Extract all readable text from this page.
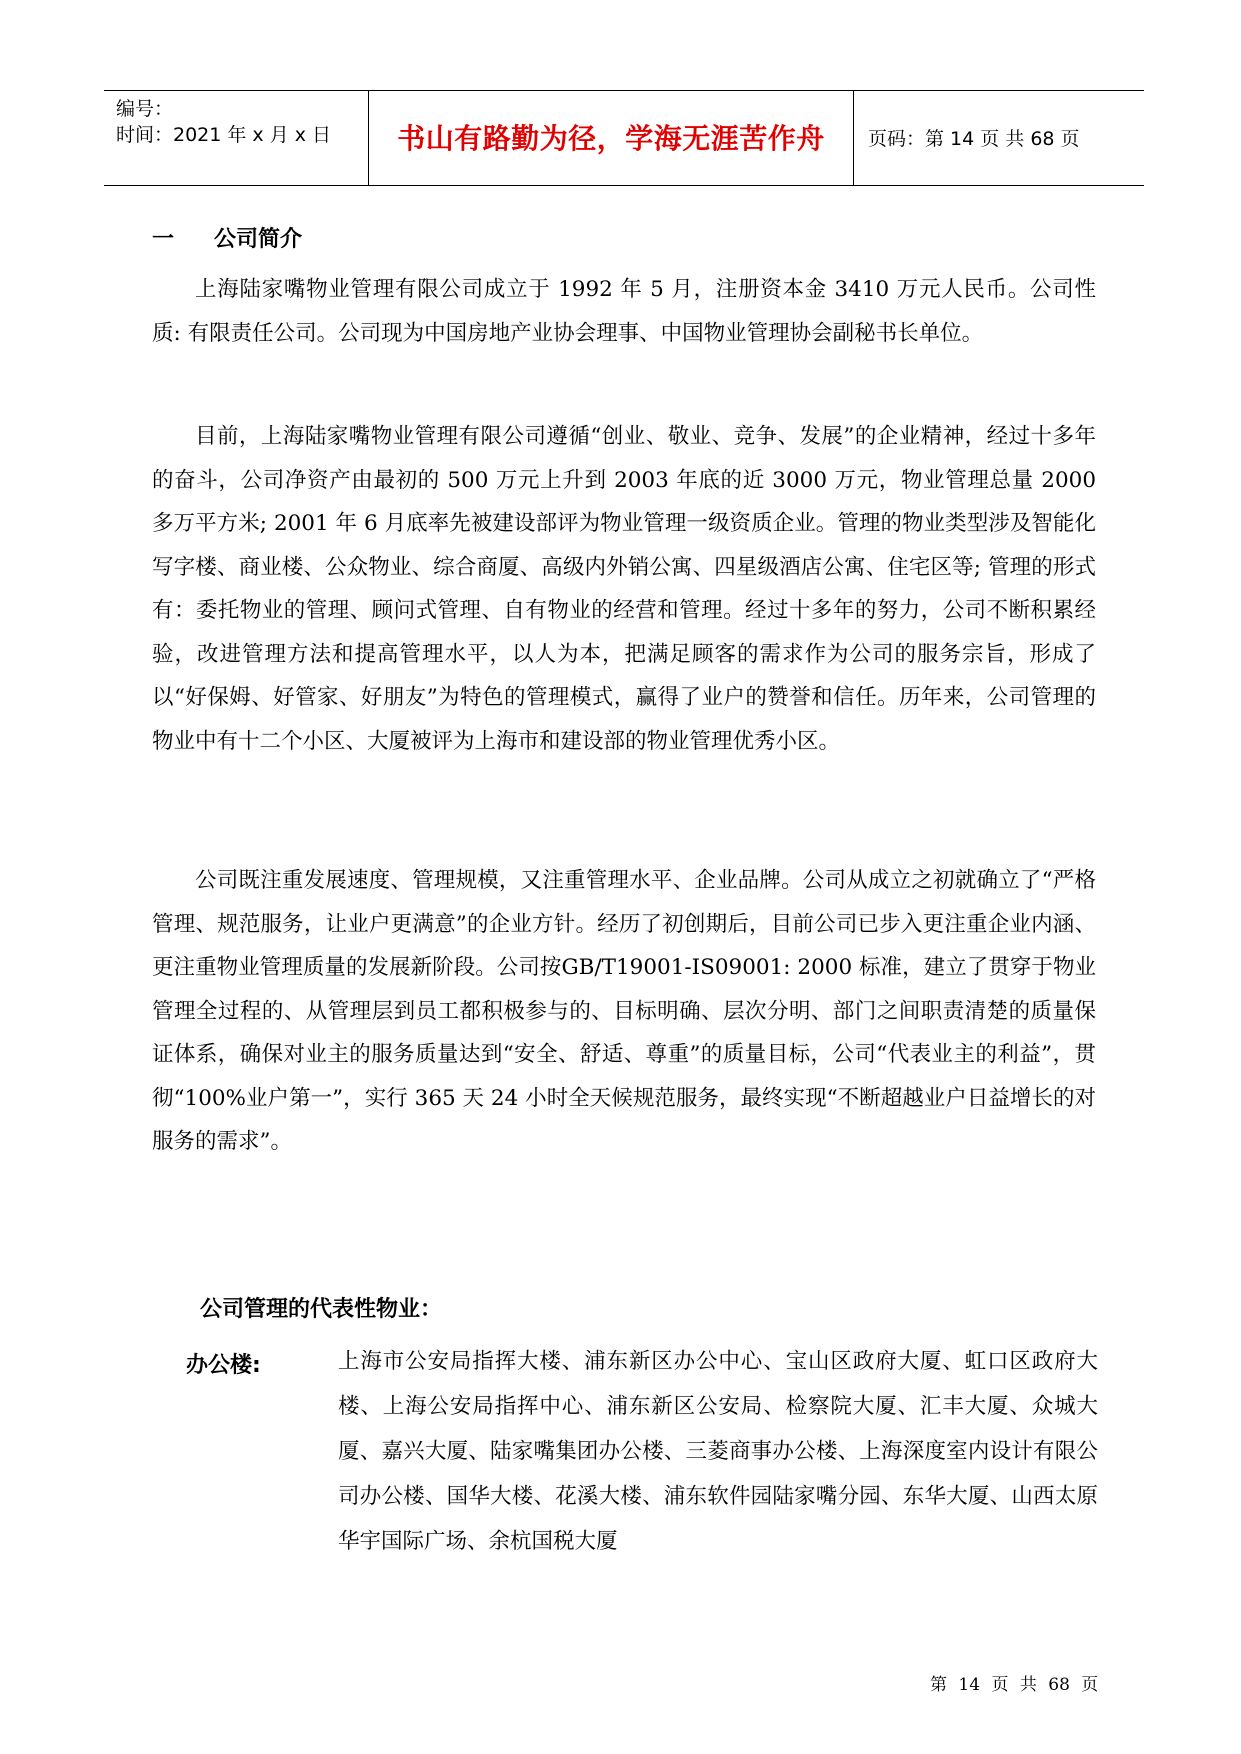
编号：
时间：2021 年 x 月 x 日	书山有路勤为径，学海无涯苦作舟	页码：第 14 页 共 68 页
一 公司简介

上海陆家嘴物业管理有限公司成立于 1992 年 5 月，注册资本金 3410 万元人民币。公司性质: 有限责任公司。公司现为中国房地产业协会理事、中国物业管理协会副秘书长单位。

目前，上海陆家嘴物业管理有限公司遵循“创业、敬业、竞争、发展”的企业精神，经过十多年的奋斗，公司净资产由最初的 500 万元上升到 2003 年底的近 3000 万元，物业管理总量 2000 多万平方米; 2001 年 6 月底率先被建设部评为物业管理一级资质企业。管理的物业类型涉及智能化写字楼、商业楼、公众物业、综合商厦、高级内外销公寓、四星级酒店公寓、住宅区等; 管理的形式有：委托物业的管理、顾问式管理、自有物业的经营和管理。经过十多年的努力，公司不断积累经验，改进管理方法和提高管理水平，以人为本，把满足顾客的需求作为公司的服务宗旨，形成了以“好保姆、好管家、好朋友”为特色的管理模式，赢得了业户的赞誉和信任。历年来，公司管理的物业中有十二个小区、大厦被评为上海市和建设部的物业管理优秀小区。

公司既注重发展速度、管理规模，又注重管理水平、企业品牌。公司从成立之初就确立了“严格管理、规范服务，让业户更满意”的企业方针。经历了初创期后，目前公司已步入更注重企业内涵、更注重物业管理质量的发展新阶段。公司按GB/T19001-IS09001: 2000 标准，建立了贯穿于物业管理全过程的、从管理层到员工都积极参与的、目标明确、层次分明、部门之间职责清楚的质量保证体系，确保对业主的服务质量达到“安全、舒适、尊重”的质量目标，公司“代表业主的利益”，贯彻“100%业户第一”，实行 365 天 24 小时全天候规范服务，最终实现“不断超越业户日益增长的对服务的需求”。

公司管理的代表性物业：
办公楼:	上海市公安局指挥大楼、浦东新区办公中心、宝山区政府大厦、虹口区政府大楼、上海公安局指挥中心、浦东新区公安局、检察院大厦、汇丰大厦、众城大厦、嘉兴大厦、陆家嘴集团办公楼、三菱商事办公楼、上海深度室内设计有限公司办公楼、国华大楼、花溪大楼、浦东软件园陆家嘴分园、东华大厦、山西太原华宇国际广场、余杭国税大厦

第 14 页 共 68 页
